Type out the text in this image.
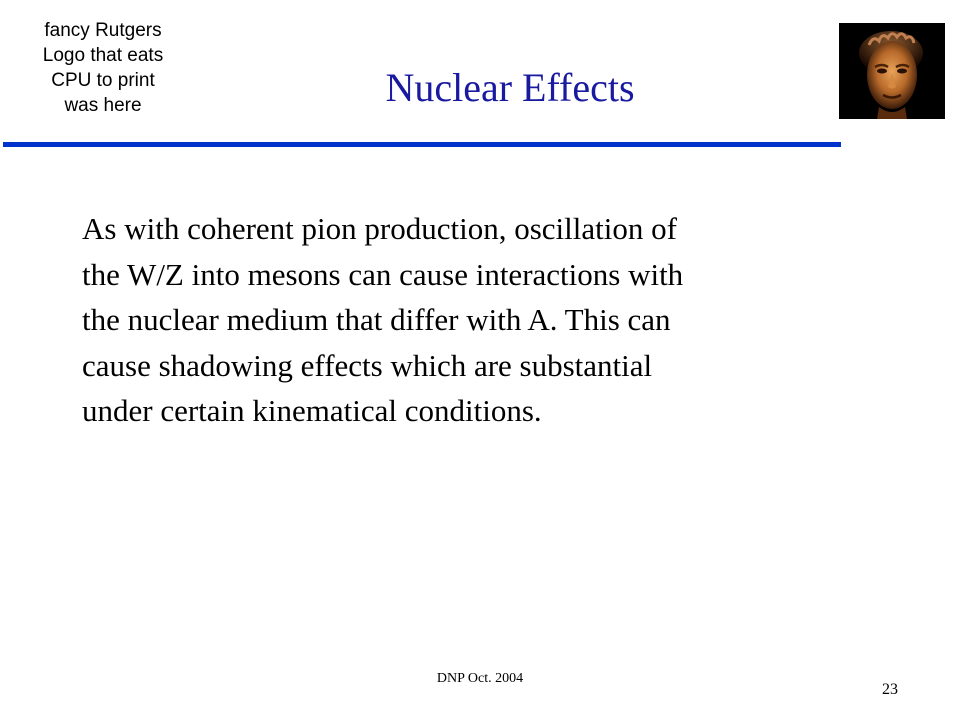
fancy Rutgers
Logo that eats
CPU to print
was here	Nuclear Effects
As with coherent pion production, oscillation of
the W/Z into mesons can cause interactions with
the nuclear medium that differ with A. This can
cause shadowing effects which are substantial
under certain kinematical conditions.
DNP Oct. 2004
23
